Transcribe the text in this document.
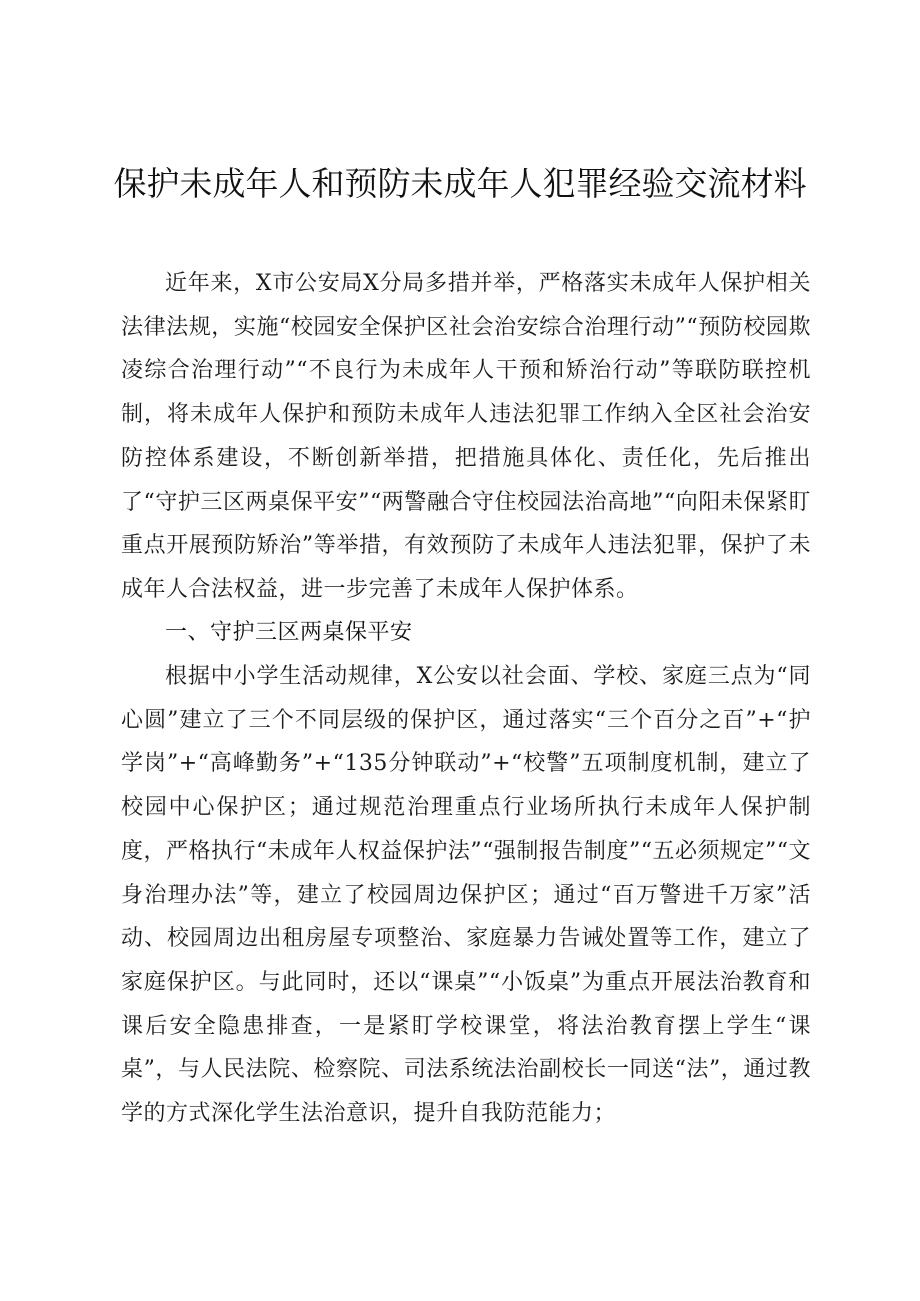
保护未成年人和预防未成年人犯罪经验交流材料

近年来，X市公安局X分局多措并举，严格落实未成年人保护相关法律法规，实施“校园安全保护区社会治安综合治理行动”“预防校园欺凌综合治理行动”“不良行为未成年人干预和矫治行动”等联防联控机制，将未成年人保护和预防未成年人违法犯罪工作纳入全区社会治安防控体系建设，不断创新举措，把措施具体化、责任化，先后推出了“守护三区两桌保平安”“两警融合守住校园法治高地”“向阳未保紧盯重点开展预防矫治”等举措，有效预防了未成年人违法犯罪，保护了未成年人合法权益，进一步完善了未成年人保护体系。

一、守护三区两桌保平安

根据中小学生活动规律，X公安以社会面、学校、家庭三点为“同心圆”建立了三个不同层级的保护区，通过落实“三个百分之百”+“护学岗”+“高峰勤务”+“135分钟联动”+“校警”五项制度机制，建立了校园中心保护区；通过规范治理重点行业场所执行未成年人保护制度，严格执行“未成年人权益保护法”“强制报告制度”“五必须规定”“文身治理办法”等，建立了校园周边保护区；通过“百万警进千万家”活动、校园周边出租房屋专项整治、家庭暴力告诫处置等工作，建立了家庭保护区。与此同时，还以“课桌”“小饭桌”为重点开展法治教育和课后安全隐患排查，一是紧盯学校课堂，将法治教育摆上学生“课桌”，与人民法院、检察院、司法系统法治副校长一同送“法”，通过教学的方式深化学生法治意识，提升自我防范能力；
